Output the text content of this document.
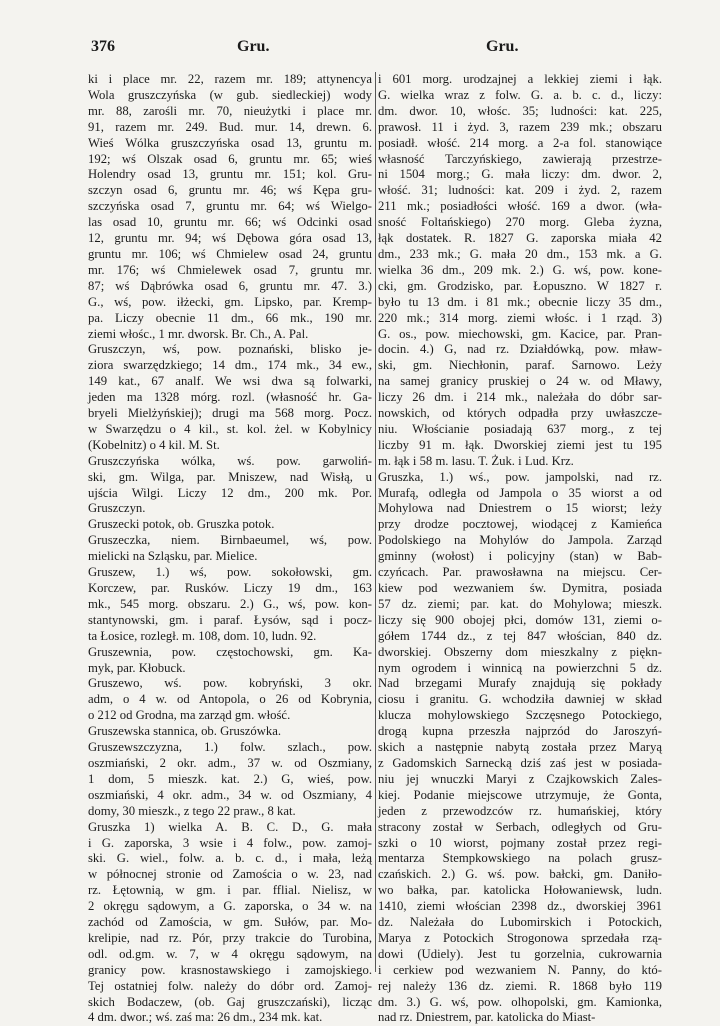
376	Gru.	Gru.
ki i place mr. 22, razem mr. 189; attynencya
Wola gruszczyńska (w gub. siedleckiej) wody
mr. 88, zarośli mr. 70, nieużytki i place mr.
91, razem mr. 249. Bud. mur. 14, drewn. 6.
Wieś Wólka gruszczyńska osad 13, gruntu m.
192; wś Olszak osad 6, gruntu mr. 65; wieś
Holendry osad 13, gruntu mr. 151; kol. Gru-
szczyn osad 6, gruntu mr. 46; wś Kępa gru-
szczyńska osad 7, gruntu mr. 64; wś Wielgo-
las osad 10, gruntu mr. 66; wś Odcinki osad
12, gruntu mr. 94; wś Dębowa góra osad 13,
gruntu mr. 106; wś Chmielew osad 24, gruntu
mr. 176; wś Chmielewek osad 7, gruntu mr.
87; wś Dąbrówka osad 6, gruntu mr. 47. 3.)
G., wś, pow. iłżecki, gm. Lipsko, par. Kremp-
pa. Liczy obecnie 11 dm., 66 mk., 190 mr.
ziemi włośc., 1 mr. dworsk. Br. Ch., A. Pal.
Gruszczyn, wś, pow. poznański, blisko je-
ziora swarzędzkiego; 14 dm., 174 mk., 34 ew.,
149 kat., 67 analf. We wsi dwa są folwarki,
jeden ma 1328 mórg. rozl. (własność hr. Ga-
bryeli Mielżyńskiej); drugi ma 568 morg. Pocz.
w Swarzędzu o 4 kil., st. kol. żel. w Kobylnicy
(Kobelnitz) o 4 kil. M. St.
Gruszczyńska wólka, wś. pow. garwoliń-
ski, gm. Wilga, par. Mniszew, nad Wisłą, u
ujścia Wilgi. Liczy 12 dm., 200 mk. Por.
Gruszczyn.
Gruszecki potok, ob. Gruszka potok.
Gruszeczka, niem. Birnbaeumel, wś, pow.
mielicki na Szląsku, par. Mielice.
Gruszew, 1.) wś, pow. sokołowski, gm.
Korczew, par. Rusków. Liczy 19 dm., 163
mk., 545 morg. obszaru. 2.) G., wś, pow. kon-
stantynowski, gm. i paraf. Łysów, sąd i pocz-
ta Łosice, rozległ. m. 108, dom. 10, ludn. 92.
Gruszewnia, pow. częstochowski, gm. Ka-
myk, par. Kłobuck.
Gruszewo, wś. pow. kobryński, 3 okr.
adm, o 4 w. od Antopola, o 26 od Kobrynia,
o 212 od Grodna, ma zarząd gm. włość.
Gruszewska stannica, ob. Gruszówka.
Gruszewszczyzna, 1.) folw. szlach., pow.
oszmiański, 2 okr. adm., 37 w. od Oszmiany,
1 dom, 5 mieszk. kat. 2.) G, wieś, pow.
oszmiański, 4 okr. adm., 34 w. od Oszmiany, 4
domy, 30 mieszk., z tego 22 praw., 8 kat.
Gruszka 1) wielka A. B. C. D., G. mała
i G. zaporska, 3 wsie i 4 folw., pow. zamoj-
ski. G. wiel., folw. a. b. c. d., i mała, leżą
w północnej stronie od Zamościa o w. 23, nad
rz. Łętownią, w gm. i par. fflial. Nielisz, w
2 okręgu sądowym, a G. zaporska, o 34 w. na
zachód od Zamościa, w gm. Sułów, par. Mo-
krelipie, nad rz. Pór, przy trakcie do Turobina,
odl. od.gm. w. 7, w 4 okręgu sądowym, na
granicy pow. krasnostawskiego i zamojskiego.
Tej ostatniej folw. należy do dóbr ord. Zamoj-
skich Bodaczew, (ob. Gaj gruszczański), licząc
4 dm. dwor.; wś. zaś ma: 26 dm., 234 mk. kat.
i 601 morg. urodzajnej a lekkiej ziemi i łąk.
G. wielka wraz z folw. G. a. b. c. d., liczy:
dm. dwor. 10, włośc. 35; ludności: kat. 225,
prawosł. 11 i żyd. 3, razem 239 mk.; obszaru
posiadł. włość. 214 morg. a 2-a fol. stanowiące
własność Tarczyńskiego, zawierają przestrze-
ni 1504 morg.; G. mała liczy: dm. dwor. 2,
włość. 31; ludności: kat. 209 i żyd. 2, razem
211 mk.; posiadłości włość. 169 a dwor. (wła-
sność Foltańskiego) 270 morg. Gleba żyzna,
łąk dostatek. R. 1827 G. zaporska miała 42
dm., 233 mk.; G. mała 20 dm., 153 mk. a G.
wielka 36 dm., 209 mk. 2.) G. wś, pow. kone-
cki, gm. Grodzisko, par. Łopuszno. W 1827 r.
było tu 13 dm. i 81 mk.; obecnie liczy 35 dm.,
220 mk.; 314 morg. ziemi włośc. i 1 rząd. 3)
G. os., pow. miechowski, gm. Kacice, par. Pran-
docin. 4.) G, nad rz. Działdówką, pow. mław-
ski, gm. Niechłonin, paraf. Sarnowo. Leży
na samej granicy pruskiej o 24 w. od Mławy,
liczy 26 dm. i 214 mk., należała do dóbr sar-
nowskich, od których odpadła przy uwłaszcze-
niu. Włościanie posiadają 637 morg., z tej
liczby 91 m. łąk. Dworskiej ziemi jest tu 195
m. łąk i 58 m. lasu. T. Żuk. i Lud. Krz.
Gruszka, 1.) wś., pow. jampolski, nad rz.
Murafą, odległa od Jampola o 35 wiorst a od
Mohylowa nad Dniestrem o 15 wiorst; leży
przy drodze pocztowej, wiodącej z Kamieńca
Podolskiego na Mohylów do Jampola. Zarząd
gminny (wołost) i policyjny (stan) w Bab-
czyńcach. Par. prawosławna na miejscu. Cer-
kiew pod wezwaniem św. Dymitra, posiada
57 dz. ziemi; par. kat. do Mohylowa; mieszk.
liczy się 900 obojej płci, domów 131, ziemi o-
gółem 1744 dz., z tej 847 włościan, 840 dz.
dworskiej. Obszerny dom mieszkalny z piękn-
nym ogrodem i winnicą na powierzchni 5 dz.
Nad brzegami Murafy znajdują się pokłady
ciosu i granitu. G. wchodziła dawniej w skład
klucza mohylowskiego Szczęsnego Potockiego,
drogą kupna przeszła najprzód do Jaroszyń-
skich a następnie nabytą została przez Maryą
z Gadomskich Sarnecką dziś zaś jest w posiada-
niu jej wnuczki Maryi z Czajkowskich Zales-
kiej. Podanie miejscowe utrzymuje, że Gonta,
jeden z przewodzców rz. humańskiej, który
stracony został w Serbach, odległych od Gru-
szki o 10 wiorst, pojmany został przez regi-
mentarza Stempkowskiego na polach grusz-
czańskich. 2.) G. wś. pow. bałcki, gm. Daniło-
wo bałka, par. katolicka Hołowaniewsk, ludn.
1410, ziemi włościan 2398 dz., dworskiej 3961
dz. Należała do Lubomirskich i Potockich,
Marya z Potockich Strogonowa sprzedała rzą-
dowi (Udiely). Jest tu gorzelnia, cukrowarnia
i cerkiew pod wezwaniem N. Panny, do któ-
rej należy 136 dz. ziemi. R. 1868 było 119
dm. 3.) G. wś, pow. olhopolski, gm. Kamionka,
nad rz. Dniestrem, par. katolicka do Miast-
